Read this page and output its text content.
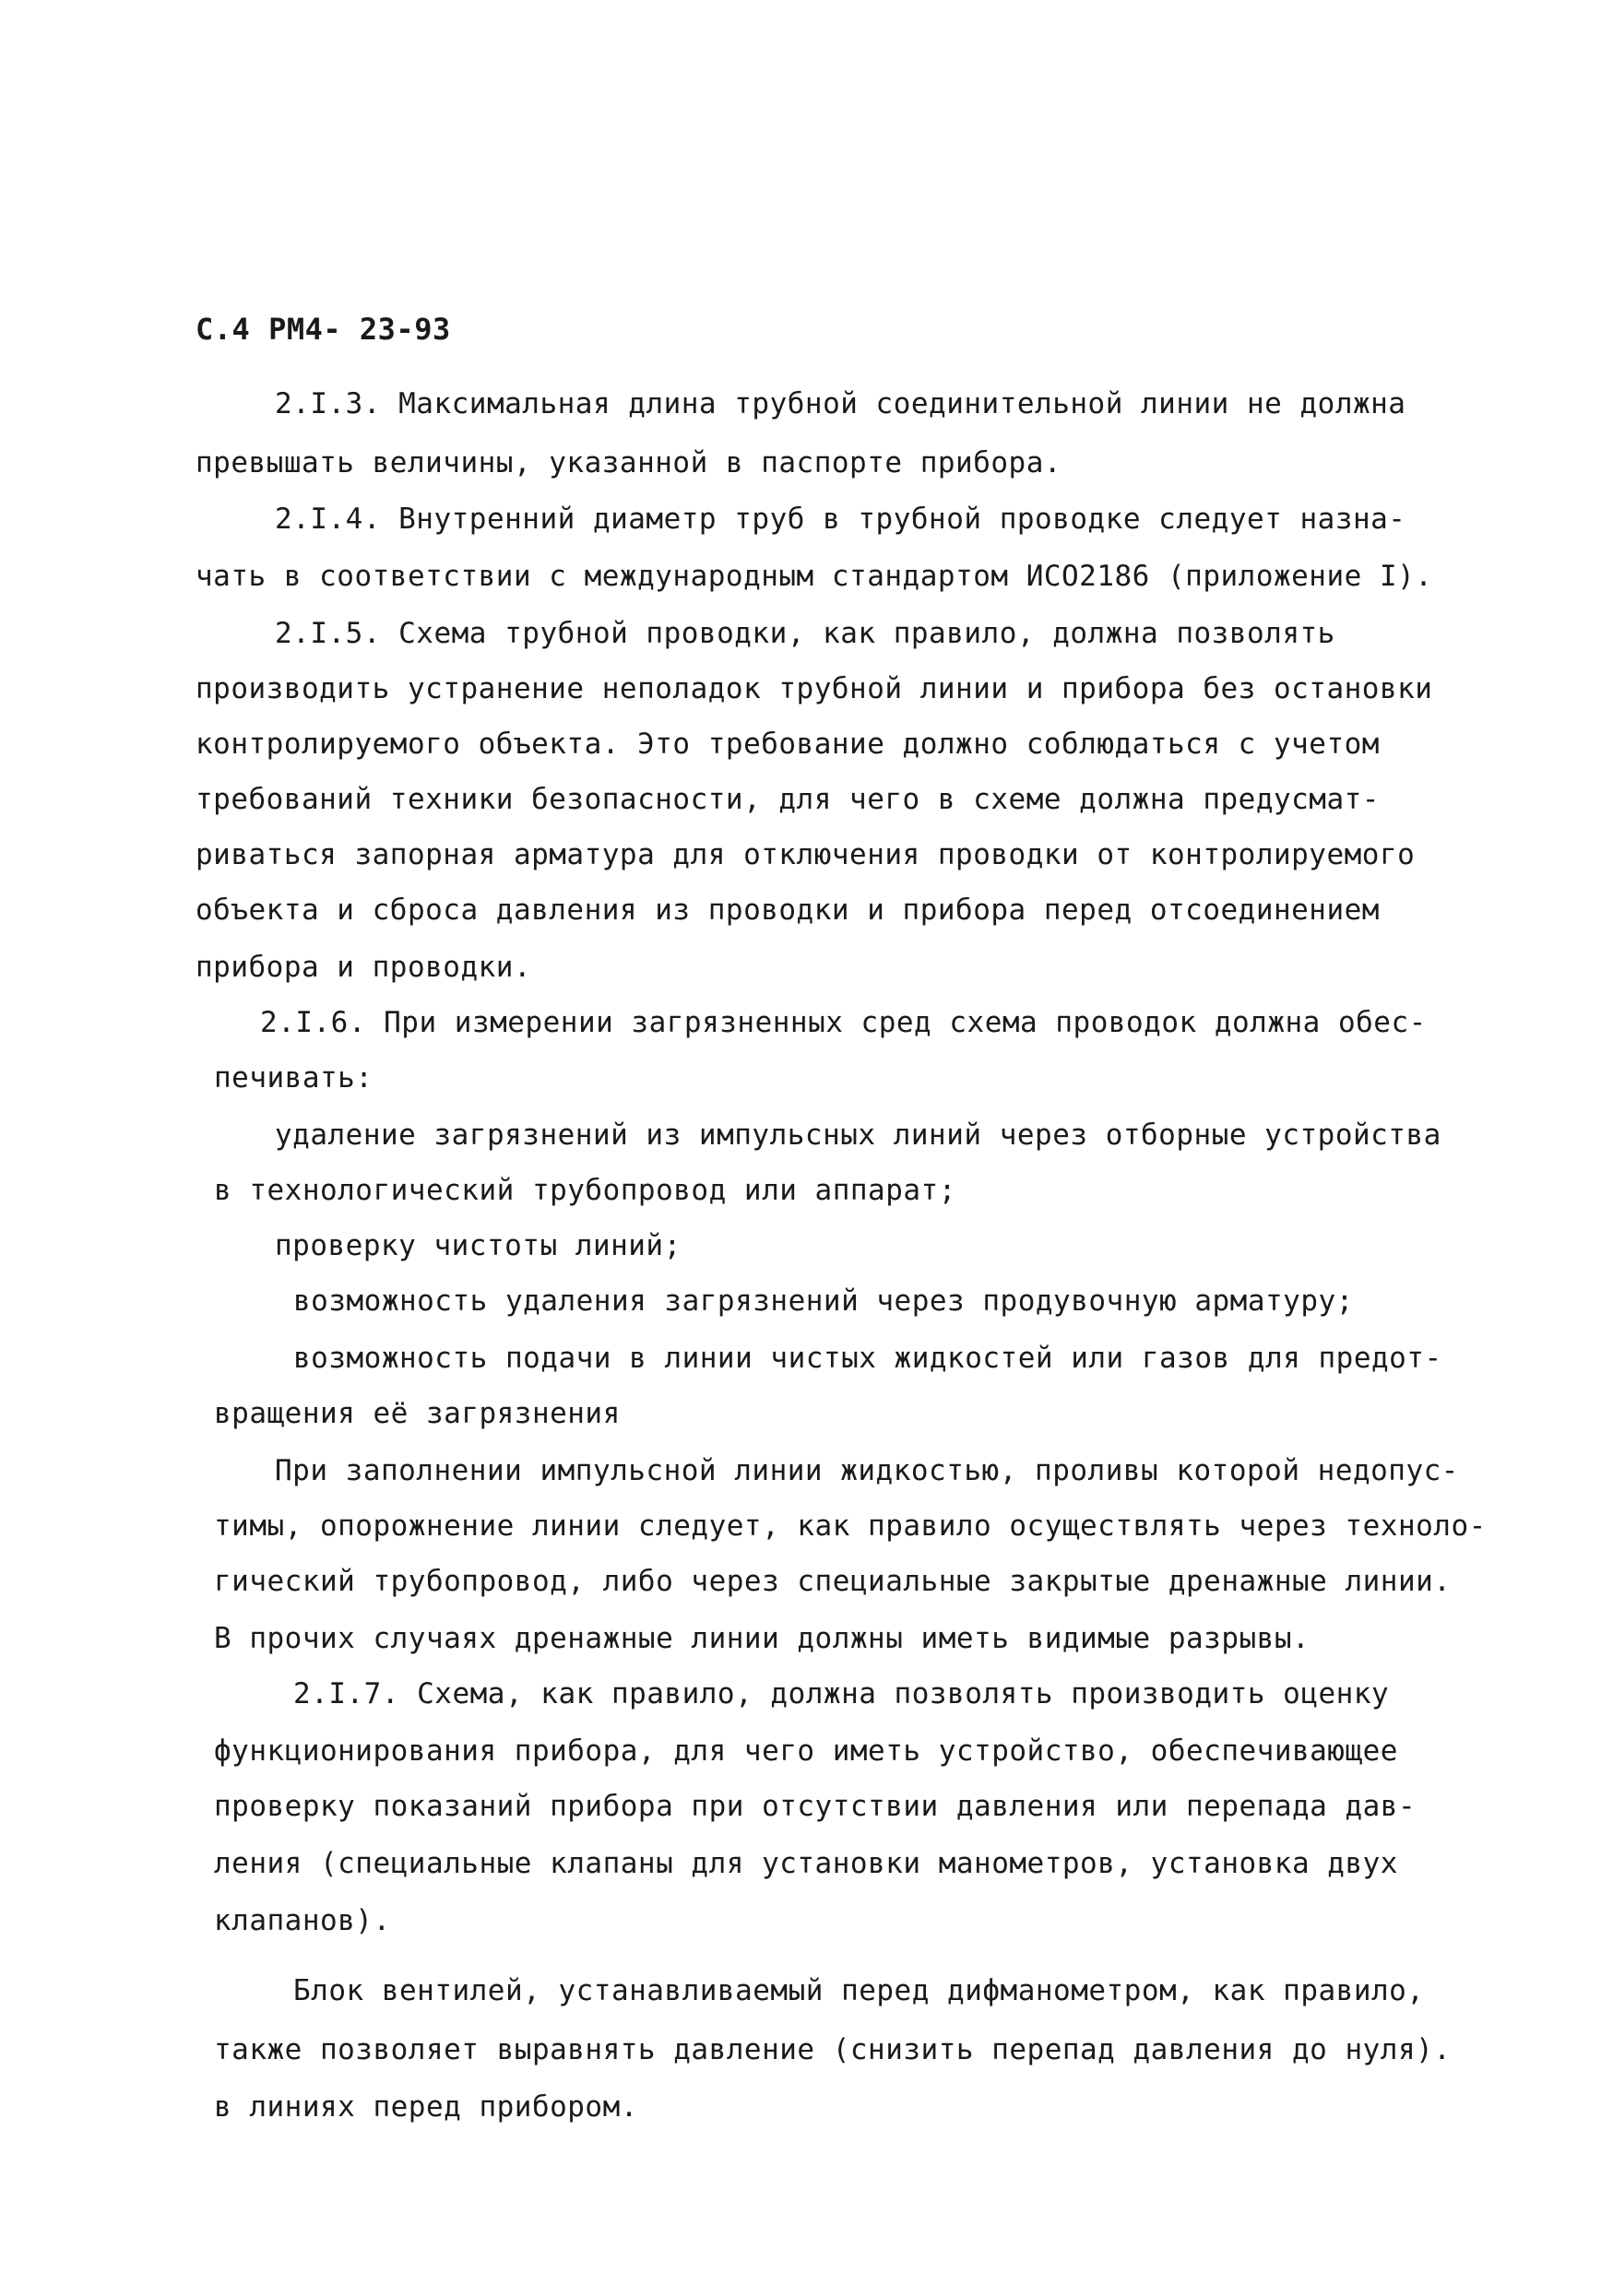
С.4 РМ4- 23-93
2.I.3. Максимальная длина трубной соединительной линии не должна
превышать величины, указанной в паспорте прибора.
2.I.4. Внутренний диаметр труб в трубной проводке следует назна-
чать в соответствии с международным стандартом ИСО2186 (приложение I).
2.I.5. Схема трубной проводки, как правило, должна позволять
производить устранение неполадок трубной линии и прибора без остановки
контролируемого объекта. Это требование должно соблюдаться с учетом
требований техники безопасности, для чего в схеме должна предусмат-
риваться запорная арматура для отключения проводки от контролируемого
объекта и сброса давления из проводки и прибора перед отсоединением
прибора и проводки.
2.I.6. При измерении загрязненных сред схема проводок должна обес-
печивать:
удаление загрязнений из импульсных линий через отборные устройства
в технологический трубопровод или аппарат;
проверку чистоты линий;
возможность удаления загрязнений через продувочную арматуру;
возможность подачи в линии чистых жидкостей или газов для предот-
вращения её загрязнения
При заполнении импульсной линии жидкостью, проливы которой недопус-
тимы, опорожнение линии следует, как правило осуществлять через техноло-
гический трубопровод, либо через специальные закрытые дренажные линии.
В прочих случаях дренажные линии должны иметь видимые разрывы.
2.I.7. Схема, как правило, должна позволять производить оценку
функционирования прибора, для чего иметь устройство, обеспечивающее
проверку показаний прибора при отсутствии давления или перепада дав-
ления (специальные клапаны для установки манометров, установка двух
клапанов).
Блок вентилей, устанавливаемый перед дифманометром, как правило,
также позволяет выравнять давление (снизить перепад давления до нуля).
в линиях перед прибором.
